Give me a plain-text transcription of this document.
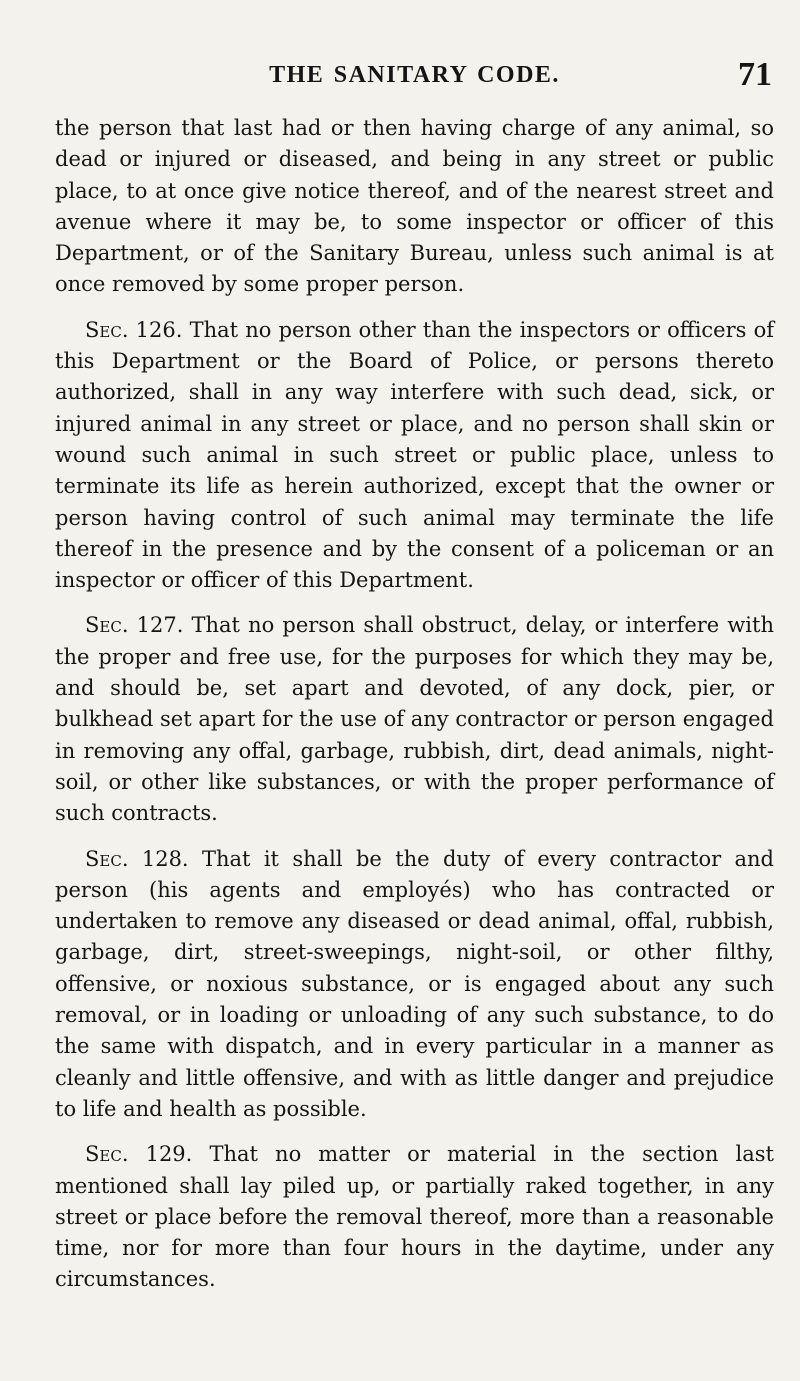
THE SANITARY CODE.	71

the person that last had or then having charge of any animal, so dead or injured or diseased, and being in any street or public place, to at once give notice thereof, and of the nearest street and avenue where it may be, to some inspector or officer of this Department, or of the Sanitary Bureau, unless such animal is at once removed by some proper person.

Sec. 126. That no person other than the inspectors or officers of this Department or the Board of Police, or persons thereto authorized, shall in any way interfere with such dead, sick, or injured animal in any street or place, and no person shall skin or wound such animal in such street or public place, unless to terminate its life as herein authorized, except that the owner or person having control of such animal may terminate the life thereof in the presence and by the consent of a policeman or an inspector or officer of this Department.

Sec. 127. That no person shall obstruct, delay, or interfere with the proper and free use, for the purposes for which they may be, and should be, set apart and devoted, of any dock, pier, or bulkhead set apart for the use of any contractor or person engaged in removing any offal, garbage, rubbish, dirt, dead animals, night-soil, or other like substances, or with the proper performance of such contracts.

Sec. 128. That it shall be the duty of every contractor and person (his agents and employés) who has contracted or undertaken to remove any diseased or dead animal, offal, rubbish, garbage, dirt, street-sweepings, night-soil, or other filthy, offensive, or noxious substance, or is engaged about any such removal, or in loading or unloading of any such substance, to do the same with dispatch, and in every particular in a manner as cleanly and little offensive, and with as little danger and prejudice to life and health as possible.

Sec. 129. That no matter or material in the section last mentioned shall lay piled up, or partially raked together, in any street or place before the removal thereof, more than a reasonable time, nor for more than four hours in the daytime, under any circumstances.
